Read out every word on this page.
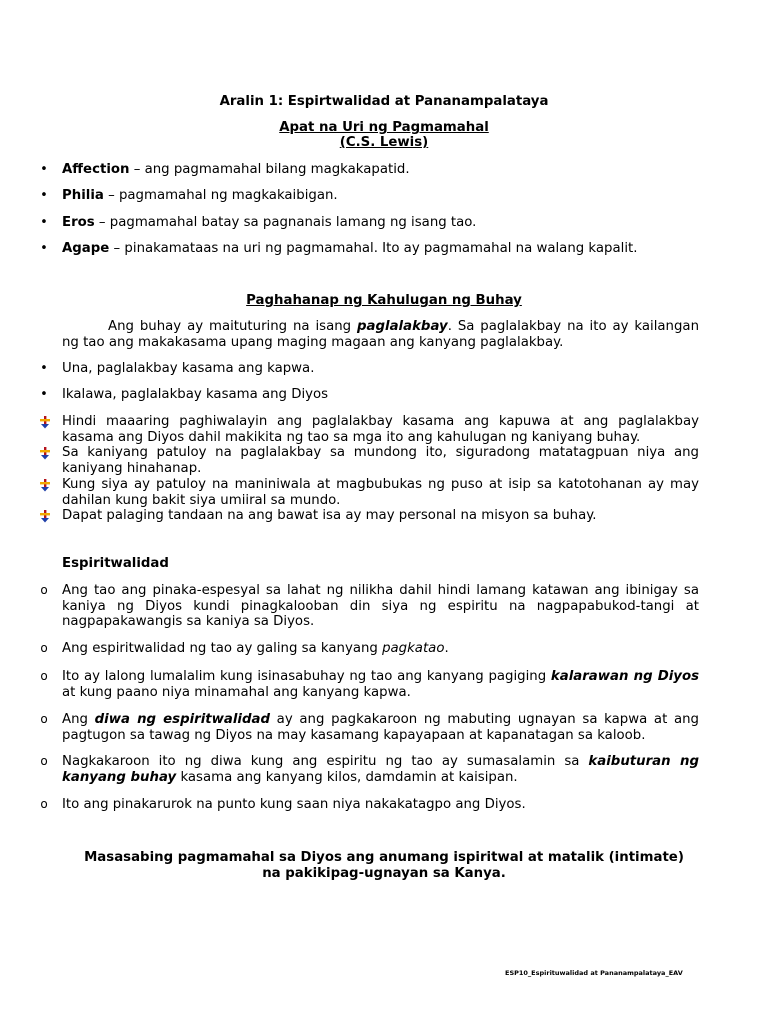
Aralin 1: Espirtwalidad at Pananampalataya
Apat na Uri ng Pagmamahal
(C.S. Lewis)
• Affection – ang pagmamahal bilang magkakapatid.
• Philia – pagmamahal ng magkakaibigan.
• Eros – pagmamahal batay sa pagnanais lamang ng isang tao.
• Agape – pinakamataas na uri ng pagmamahal. Ito ay pagmamahal na walang kapalit.
Paghahanap ng Kahulugan ng Buhay
Ang buhay ay maituturing na isang paglalakbay. Sa paglalakbay na ito ay kailangan ng tao ang makakasama upang maging magaan ang kanyang paglalakbay.
• Una, paglalakbay kasama ang kapwa.
• Ikalawa, paglalakbay kasama ang Diyos
Hindi maaaring paghiwalayin ang paglalakbay kasama ang kapuwa at ang paglalakbay kasama ang Diyos dahil makikita ng tao sa mga ito ang kahulugan ng kaniyang buhay.
Sa kaniyang patuloy na paglalakbay sa mundong ito, siguradong matatagpuan niya ang kaniyang hinahanap.
Kung siya ay patuloy na maniniwala at magbubukas ng puso at isip sa katotohanan ay may dahilan kung bakit siya umiiral sa mundo.
Dapat palaging tandaan na ang bawat isa ay may personal na misyon sa buhay.
Espiritwalidad
o Ang tao ang pinaka-espesyal sa lahat ng nilikha dahil hindi lamang katawan ang ibinigay sa kaniya ng Diyos kundi pinagkalooban din siya ng espiritu na nagpapabukod-tangi at nagpapakawangis sa kaniya sa Diyos.
o Ang espiritwalidad ng tao ay galing sa kanyang pagkatao.
o Ito ay lalong lumalalim kung isinasabuhay ng tao ang kanyang pagiging kalarawan ng Diyos at kung paano niya minamahal ang kanyang kapwa.
o Ang diwa ng espiritwalidad ay ang pagkakaroon ng mabuting ugnayan sa kapwa at ang pagtugon sa tawag ng Diyos na may kasamang kapayapaan at kapanatagan sa kaloob.
o Nagkakaroon ito ng diwa kung ang espiritu ng tao ay sumasalamin sa kaibuturan ng kanyang buhay kasama ang kanyang kilos, damdamin at kaisipan.
o Ito ang pinakarurok na punto kung saan niya nakakatagpo ang Diyos.
Masasabing pagmamahal sa Diyos ang anumang ispiritwal at matalik (intimate)
na pakikipag-ugnayan sa Kanya.
ESP10_Espirituwalidad at Pananampalataya_EAV
